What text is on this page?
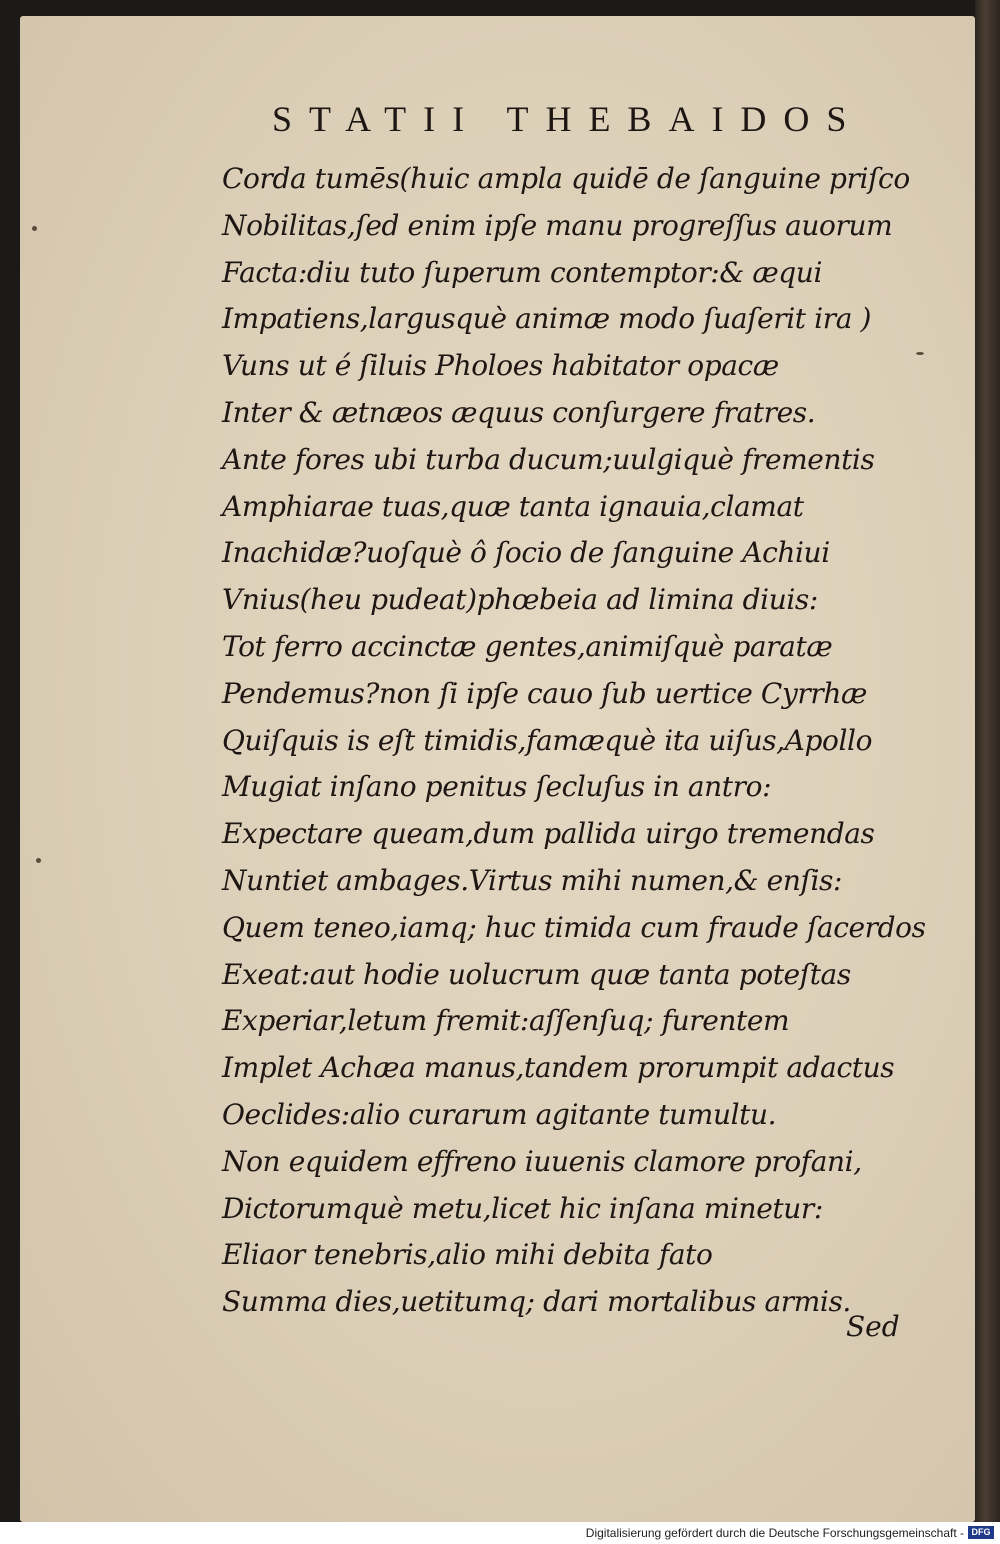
STATII THEBAIDOS
Corda tumēs(huic ampla quidē de ſanguine priſco
Nobilitas,ſed enim ipſe manu progreſſus auorum
Facta:diu tuto ſuperum contemptor:& æqui
Impatiens,largusquè animæ modo ſuaſerit ira )
Vuns ut é ſiluis Pholoes habitator opacæ
Inter & ætnæos æquus conſurgere fratres.
Ante fores ubi turba ducum;uulgiquè frementis
Amphiarae tuas,quæ tanta ignauia,clamat
Inachidæ?uoſquè ô ſocio de ſanguine Achiui
Vnius(heu pudeat)phœbeia ad limina diuis:
Tot ferro accinctæ gentes,animiſquè paratæ
Pendemus?non ſi ipſe cauo ſub uertice Cyrrhæ
Quiſquis is eſt timidis,famæquè ita uiſus,Apollo
Mugiat inſano penitus ſecluſus in antro:
Expectare queam,dum pallida uirgo tremendas
Nuntiet ambages.Virtus mihi numen,& enſis:
Quem teneo,iamq; huc timida cum fraude ſacerdos
Exeat:aut hodie uolucrum quæ tanta poteſtas
Experiar,letum fremit:aſſenſuq; furentem
Implet Achæa manus,tandem prorumpit adactus
Oeclides:alio curarum agitante tumultu.
Non equidem effreno iuuenis clamore profani,
Dictorumquè metu,licet hic inſana minetur:
Eliaor tenebris,alio mihi debita fato
Summa dies,uetitumq; dari mortalibus armis.
Sed
Digitalisierung gefördert durch die Deutsche Forschungsgemeinschaft - DFG
